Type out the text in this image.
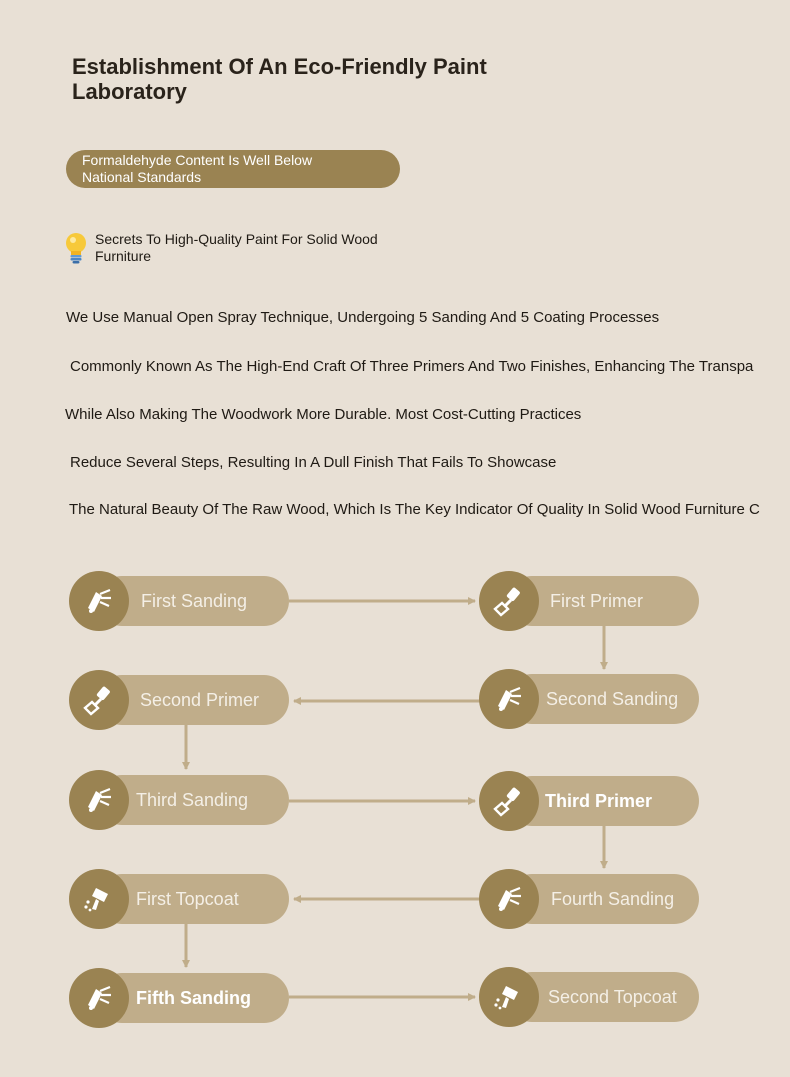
Establishment Of An Eco-Friendly Paint Laboratory
Formaldehyde Content Is Well Below National Standards
Secrets To High-Quality Paint For Solid Wood Furniture
We Use Manual Open Spray Technique, Undergoing 5 Sanding And 5 Coating Processes
Commonly Known As The High-End Craft Of Three Primers And Two Finishes, Enhancing The Transpa
While Also Making The Woodwork More Durable. Most Cost-Cutting Practices
Reduce Several Steps, Resulting In A Dull Finish That Fails To Showcase
The Natural Beauty Of The Raw Wood, Which Is The Key Indicator Of Quality In Solid Wood Furniture C
First Sanding	First Primer
Second Sanding
Second Primer
Third Sanding	Third Primer
Fourth Sanding
First Topcoat
Fifth Sanding	Second Topcoat
